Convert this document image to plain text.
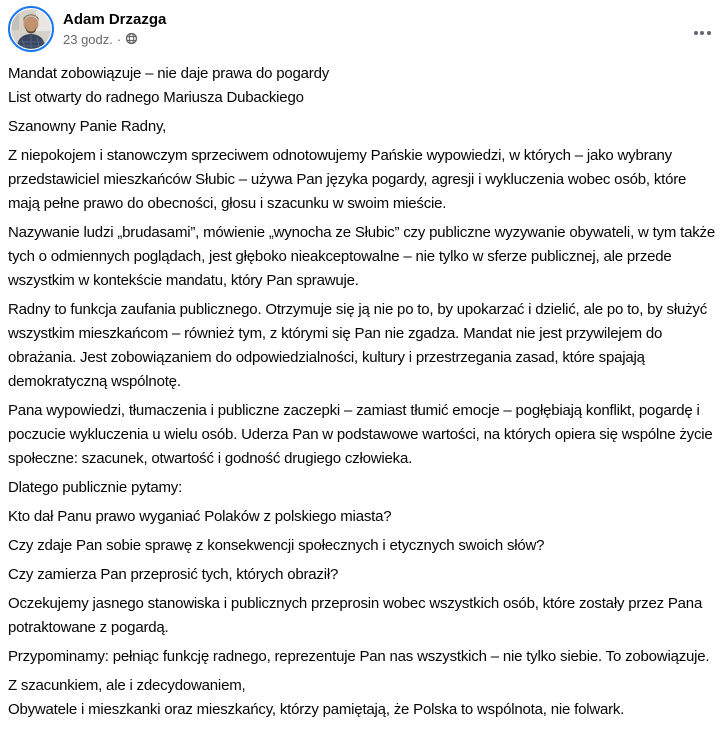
Adam Drzazga
23 godz. ·

Mandat zobowiązuje – nie daje prawa do pogardy
List otwarty do radnego Mariusza Dubackiego

Szanowny Panie Radny,

Z niepokojem i stanowczym sprzeciwem odnotowujemy Pańskie wypowiedzi, w których – jako wybrany przedstawiciel mieszkańców Słubic – używa Pan języka pogardy, agresji i wykluczenia wobec osób, które mają pełne prawo do obecności, głosu i szacunku w swoim mieście.

Nazywanie ludzi „brudasami”, mówienie „wynocha ze Słubic” czy publiczne wyzywanie obywateli, w tym także tych o odmiennych poglądach, jest głęboko nieakceptowalne – nie tylko w sferze publicznej, ale przede wszystkim w kontekście mandatu, który Pan sprawuje.

Radny to funkcja zaufania publicznego. Otrzymuje się ją nie po to, by upokarzać i dzielić, ale po to, by służyć wszystkim mieszkańcom – również tym, z którymi się Pan nie zgadza. Mandat nie jest przywilejem do obrażania. Jest zobowiązaniem do odpowiedzialności, kultury i przestrzegania zasad, które spajają demokratyczną wspólnotę.

Pana wypowiedzi, tłumaczenia i publiczne zaczepki – zamiast tłumić emocje – pogłębiają konflikt, pogardę i poczucie wykluczenia u wielu osób. Uderza Pan w podstawowe wartości, na których opiera się wspólne życie społeczne: szacunek, otwartość i godność drugiego człowieka.

Dlatego publicznie pytamy:

Kto dał Panu prawo wyganiać Polaków z polskiego miasta?

Czy zdaje Pan sobie sprawę z konsekwencji społecznych i etycznych swoich słów?

Czy zamierza Pan przeprosić tych, których obraził?

Oczekujemy jasnego stanowiska i publicznych przeprosin wobec wszystkich osób, które zostały przez Pana potraktowane z pogardą.

Przypominamy: pełniąc funkcję radnego, reprezentuje Pan nas wszystkich – nie tylko siebie. To zobowiązuje.

Z szacunkiem, ale i zdecydowaniem,
Obywatele i mieszkanki oraz mieszkańcy, którzy pamiętają, że Polska to wspólnota, nie folwark.
